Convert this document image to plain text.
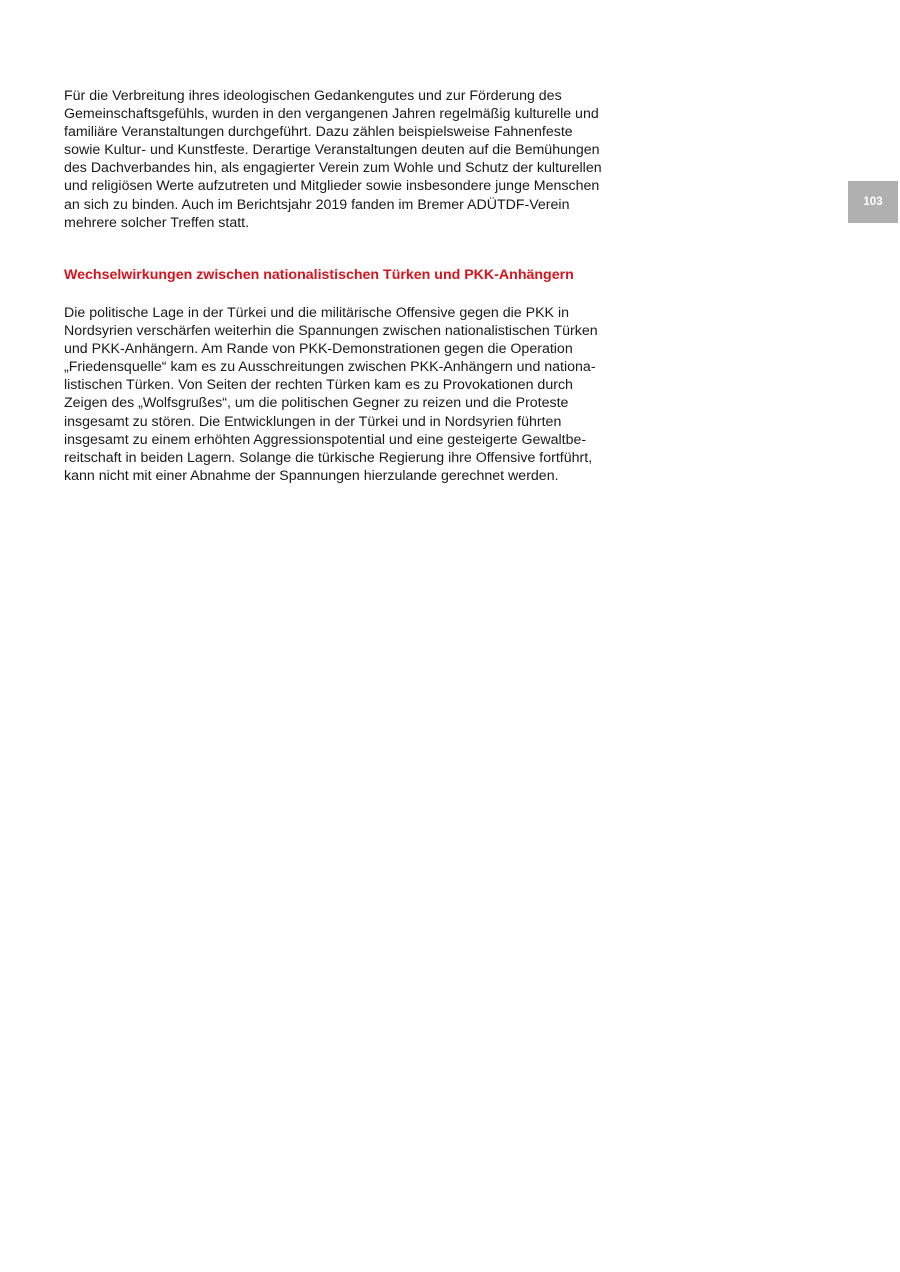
Für die Verbreitung ihres ideologischen Gedankengutes und zur Förderung des
Gemeinschaftsgefühls, wurden in den vergangenen Jahren regelmäßig kulturelle und
familiäre Veranstaltungen durchgeführt. Dazu zählen beispielsweise Fahnenfeste
sowie Kultur- und Kunstfeste. Derartige Veranstaltungen deuten auf die Bemühungen
des Dachverbandes hin, als engagierter Verein zum Wohle und Schutz der kulturellen
und religiösen Werte aufzutreten und Mitglieder sowie insbesondere junge Menschen
an sich zu binden. Auch im Berichtsjahr 2019 fanden im Bremer ADÜTDF-Verein
mehrere solcher Treffen statt.
Wechselwirkungen zwischen nationalistischen Türken und PKK-Anhängern
Die politische Lage in der Türkei und die militärische Offensive gegen die PKK in
Nordsyrien verschärfen weiterhin die Spannungen zwischen nationalistischen Türken
und PKK-Anhängern. Am Rande von PKK-Demonstrationen gegen die Operation
„Friedensquelle“ kam es zu Ausschreitungen zwischen PKK-Anhängern und nationa-
listischen Türken. Von Seiten der rechten Türken kam es zu Provokationen durch
Zeigen des „Wolfsgrußes“, um die politischen Gegner zu reizen und die Proteste
insgesamt zu stören. Die Entwicklungen in der Türkei und in Nordsyrien führten
insgesamt zu einem erhöhten Aggressionspotential und eine gesteigerte Gewaltbe-
reitschaft in beiden Lagern. Solange die türkische Regierung ihre Offensive fortführt,
kann nicht mit einer Abnahme der Spannungen hierzulande gerechnet werden.
103
